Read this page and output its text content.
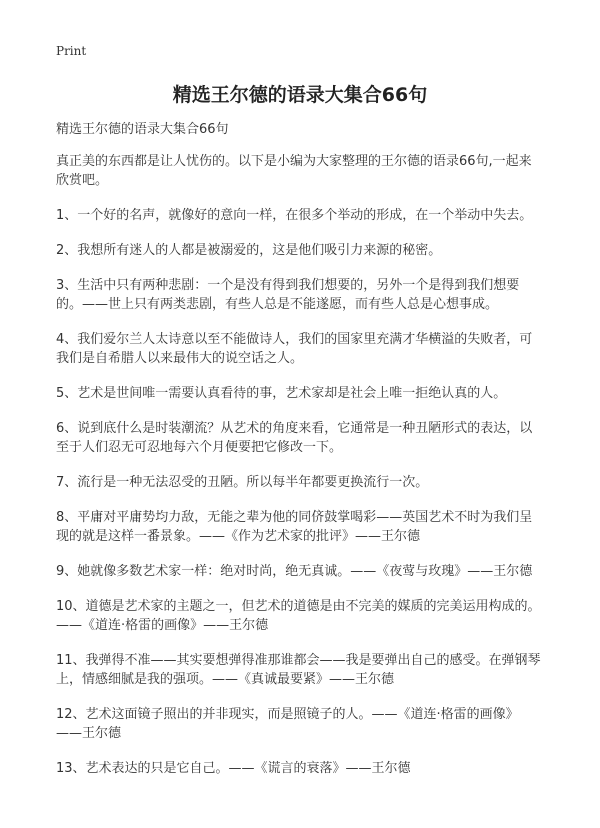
Print
精选王尔德的语录大集合66句
精选王尔德的语录大集合66句

真正美的东西都是让人忧伤的。以下是小编为大家整理的王尔德的语录66句,一起来欣赏吧。

1、一个好的名声，就像好的意向一样，在很多个举动的形成，在一个举动中失去。

2、我想所有迷人的人都是被溺爱的，这是他们吸引力来源的秘密。

3、生活中只有两种悲剧：一个是没有得到我们想要的，另外一个是得到我们想要的。——世上只有两类悲剧，有些人总是不能遂愿，而有些人总是心想事成。

4、我们爱尔兰人太诗意以至不能做诗人，我们的国家里充满才华横溢的失败者，可我们是自希腊人以来最伟大的说空话之人。

5、艺术是世间唯一需要认真看待的事，艺术家却是社会上唯一拒绝认真的人。

6、说到底什么是时装潮流？从艺术的角度来看，它通常是一种丑陋形式的表达，以至于人们忍无可忍地每六个月便要把它修改一下。

7、流行是一种无法忍受的丑陋。所以每半年都要更换流行一次。

8、平庸对平庸势均力敌，无能之辈为他的同侪鼓掌喝彩——英国艺术不时为我们呈现的就是这样一番景象。——《作为艺术家的批评》——王尔德

9、她就像多数艺术家一样：绝对时尚，绝无真诚。——《夜莺与玫瑰》——王尔德

10、道德是艺术家的主题之一，但艺术的道德是由不完美的媒质的完美运用构成的。——《道连·格雷的画像》——王尔德

11、我弹得不准——其实要想弹得准那谁都会——我是要弹出自己的感受。在弹钢琴上，情感细腻是我的强项。——《真诚最要紧》——王尔德

12、艺术这面镜子照出的并非现实，而是照镜子的人。——《道连·格雷的画像》——王尔德

13、艺术表达的只是它自己。——《谎言的衰落》——王尔德
